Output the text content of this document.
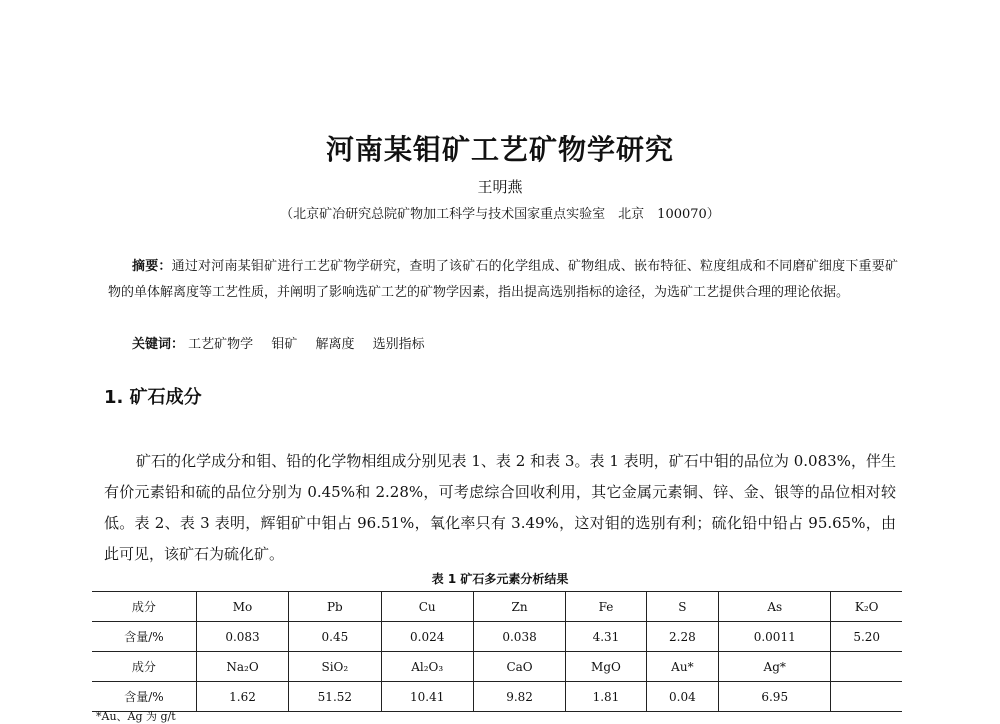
河南某钼矿工艺矿物学研究

王明燕

（北京矿冶研究总院矿物加工科学与技术国家重点实验室　北京　100070）

摘要：通过对河南某钼矿进行工艺矿物学研究，查明了该矿石的化学组成、矿物组成、嵌布特征、粒度组成和不同磨矿细度下重要矿物的单体解离度等工艺性质，并阐明了影响选矿工艺的矿物学因素，指出提高选别指标的途径，为选矿工艺提供合理的理论依据。

关键词： 工艺矿物学 钼矿 解离度 选别指标

1. 矿石成分

矿石的化学成分和钼、铅的化学物相组成分别见表 1、表 2 和表 3。表 1 表明，矿石中钼的品位为 0.083%，伴生有价元素铅和硫的品位分别为 0.45%和 2.28%，可考虑综合回收利用，其它金属元素铜、锌、金、银等的品位相对较低。表 2、表 3 表明，辉钼矿中钼占 96.51%，氧化率只有 3.49%，这对钼的选别有利；硫化铅中铅占 95.65%，由此可见，该矿石为硫化矿。

表 1 矿石多元素分析结果

成分	Mo	Pb	Cu	Zn	Fe	S	As	K₂O
含量/%	0.083	0.45	0.024	0.038	4.31	2.28	0.0011	5.20
成分	Na₂O	SiO₂	Al₂O₃	CaO	MgO	Au*	Ag*	
含量/%	1.62	51.52	10.41	9.82	1.81	0.04	6.95	

*Au、Ag 为 g/t
